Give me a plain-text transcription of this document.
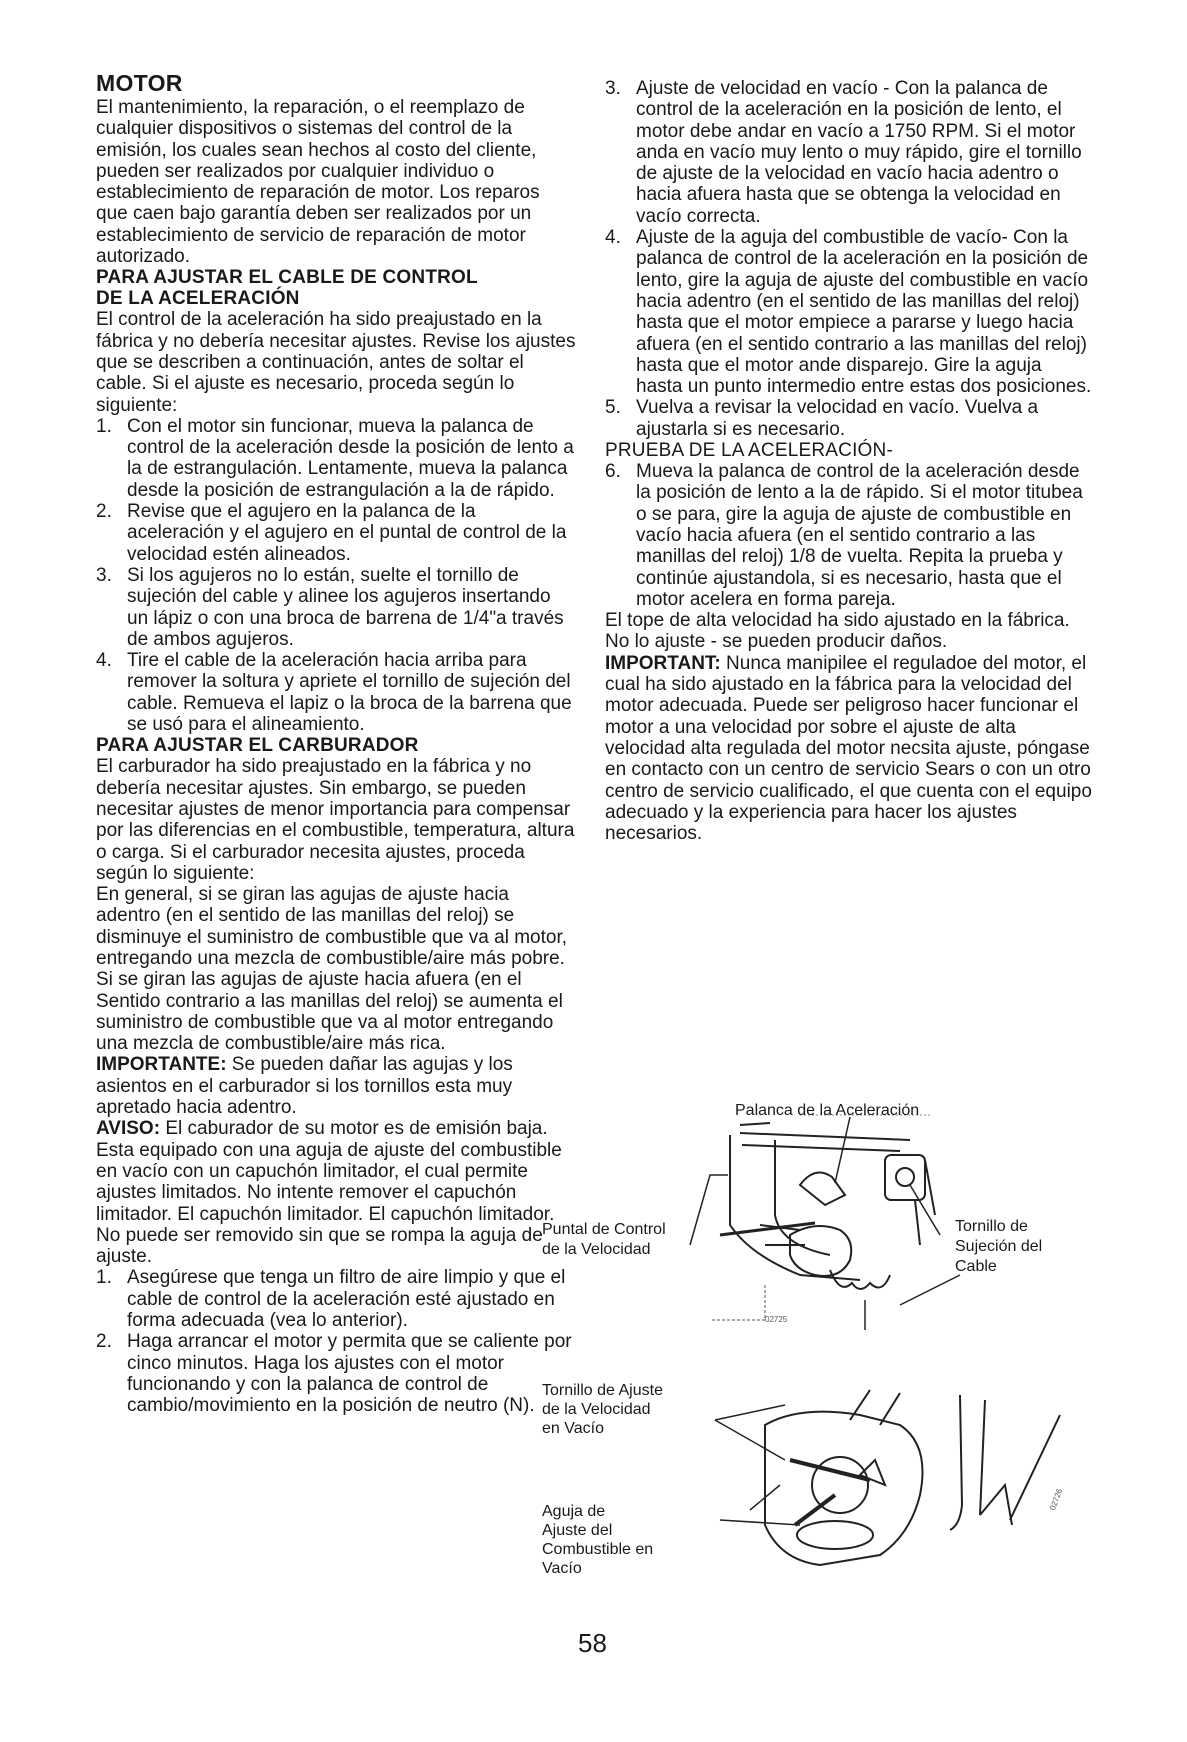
MOTOR

El mantenimiento, la reparación, o el reemplazo de cualquier dispositivos o sistemas del control de la emisión, los cuales sean hechos al costo del cliente, pueden ser realizados por cualquier individuo o establecimiento de reparación de motor. Los reparos que caen bajo garantía deben ser realizados por un establecimiento de servicio de reparación de motor autorizado.

PARA AJUSTAR EL CABLE DE CONTROL
DE LA ACELERACIÓN

El control de la aceleración ha sido preajustado en la fábrica y no debería necesitar ajustes. Revise los ajustes que se describen a continuación, antes de soltar el cable. Si el ajuste es necesario, proceda según lo siguiente:

1. Con el motor sin funcionar, mueva la palanca de control de la aceleración desde la posición de lento a la de estrangulación. Lentamente, mueva la palanca desde la posición de estrangulación a la de rápido.
2. Revise que el agujero en la palanca de la aceleración y el agujero en el puntal de control de la velocidad estén alineados.
3. Si los agujeros no lo están, suelte el tornillo de sujeción del cable y alinee los agujeros insertando un lápiz o con una broca de barrena de 1/4"a través de ambos agujeros.
4. Tire el cable de la aceleración hacia arriba para remover la soltura y apriete el tornillo de sujeción del cable. Remueva el lapiz o la broca de la barrena que se usó para el alineamiento.
PARA AJUSTAR EL CARBURADOR

El carburador ha sido preajustado en la fábrica y no debería necesitar ajustes. Sin embargo, se pueden necesitar ajustes de menor importancia para compensar por las diferencias en el combustible, temperatura, altura o carga. Si el carburador necesita ajustes, proceda según lo siguiente:

En general, si se giran las agujas de ajuste hacia adentro (en el sentido de las manillas del reloj) se disminuye el suministro de combustible que va al motor, entregando una mezcla de combustible/aire más pobre. Si se giran las agujas de ajuste hacia afuera (en el Sentido contrario a las manillas del reloj) se aumenta el suministro de combustible que va al motor entregando una mezcla de combustible/aire más rica.

IMPORTANTE: Se pueden dañar las agujas y los asientos en el carburador si los tornillos esta muy apretado hacia adentro.

AVISO: El caburador de su motor es de emisión baja. Esta equipado con una aguja de ajuste del combustible en vacío con un capuchón limitador, el cual permite ajustes limitados. No intente remover el capuchón limitador. El capuchón limitador. El capuchón limitador. No puede ser removido sin que se rompa la aguja de ajuste.

1. Asegúrese que tenga un filtro de aire limpio y que el cable de control de la aceleración esté ajustado en forma adecuada (vea lo anterior).
2. Haga arrancar el motor y permita que se caliente por cinco minutos. Haga los ajustes con el motor funcionando y con la palanca de control de cambio/movimiento en la posición de neutro (N).
3. Ajuste de velocidad en vacío - Con la palanca de control de la aceleración en la posición de lento, el motor debe andar en vacío a 1750 RPM. Si el motor anda en vacío muy lento o muy rápido, gire el tornillo de ajuste de la velocidad en vacío hacia adentro o hacia afuera hasta que se obtenga la velocidad en vacío correcta.
4. Ajuste de la aguja del combustible de vacío- Con la palanca de control de la aceleración en la posición de lento, gire la aguja de ajuste del combustible en vacío hacia adentro (en el sentido de las manillas del reloj) hasta que el motor empiece a pararse y luego hacia afuera (en el sentido contrario a las manillas del reloj) hasta que el motor ande disparejo. Gire la aguja hasta un punto intermedio entre estas dos posiciones.
5. Vuelva a revisar la velocidad en vacío. Vuelva a ajustarla si es necesario.
PRUEBA DE LA ACELERACIÓN-
6. Mueva la palanca de control de la aceleración desde la posición de lento a la de rápido. Si el motor titubea o se para, gire la aguja de ajuste de combustible en vacío hacia afuera (en el sentido contrario a las manillas del reloj) 1/8 de vuelta. Repita la prueba y continúe ajustandola, si es necesario, hasta que el motor acelera en forma pareja.

El tope de alta velocidad ha sido ajustado en la fábrica. No lo ajuste - se pueden producir daños.

IMPORTANT: Nunca manipilee el reguladoe del motor, el cual ha sido ajustado en la fábrica para la velocidad del motor adecuada. Puede ser peligroso hacer funcionar el motor a una velocidad por sobre el ajuste de alta velocidad alta regulada del motor necsita ajuste, póngase en contacto con un centro de servicio Sears o con un otro centro de servicio cualificado, el que cuenta con el equipo adecuado y la experiencia para hacer los ajustes necesarios.

Palanca de la Aceleración
Puntal de Control
de la Velocidad
Tornillo de
Sujeción del
Cable
02725
Tornillo de Ajuste
de la Velocidad
en Vacío
Aguja de
Ajuste del
Combustible en
Vacío
02726
58
